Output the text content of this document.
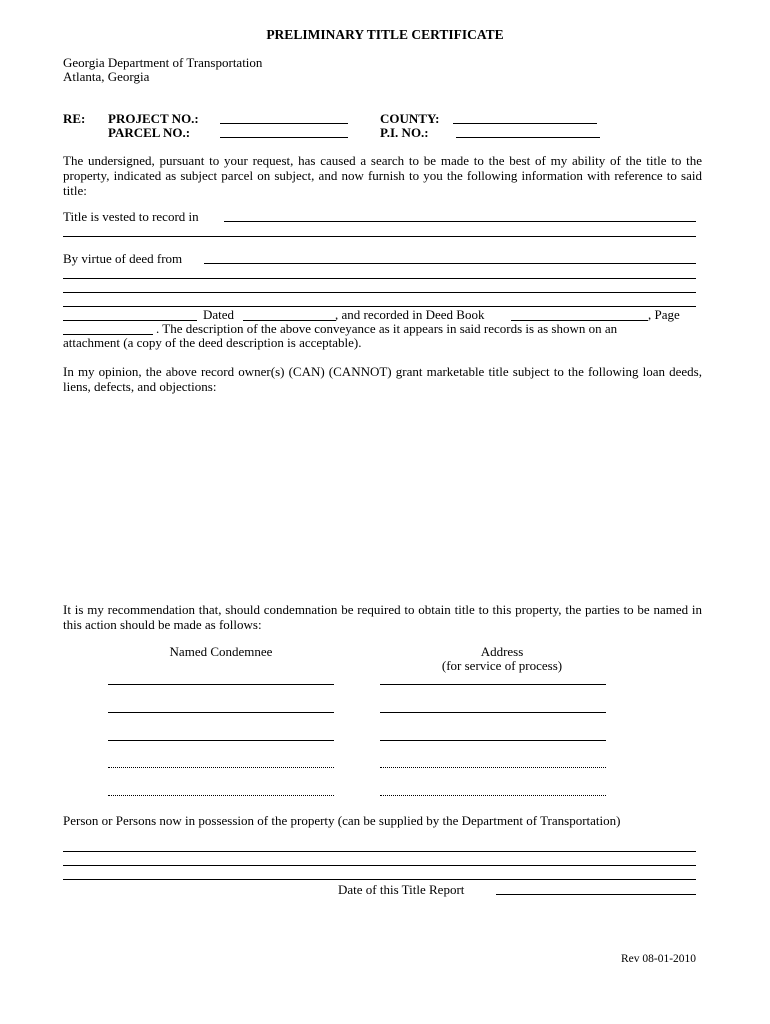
PRELIMINARY TITLE CERTIFICATE
Georgia Department of Transportation
Atlanta, Georgia
RE: PROJECT NO.:
PARCEL NO.:
COUNTY:
P.I. NO.:
The undersigned, pursuant to your request, has caused a search to be made to the best of my ability of the title to the property, indicated as subject parcel on subject, and now furnish to you the following information with reference to said title:
Title is vested to record in
By virtue of deed from
Dated	, and recorded in Deed Book	, Page
. The description of the above conveyance as it appears in said records is as shown on an
attachment (a copy of the deed description is acceptable).
In my opinion, the above record owner(s) (CAN) (CANNOT) grant marketable title subject to the following loan deeds, liens, defects, and objections:
It is my recommendation that, should condemnation be required to obtain title to this property, the parties to be named in this action should be made as follows:
Named Condemnee	Address
(for service of process)
Person or Persons now in possession of the property (can be supplied by the Department of Transportation)
Date of this Title Report
Rev 08-01-2010
